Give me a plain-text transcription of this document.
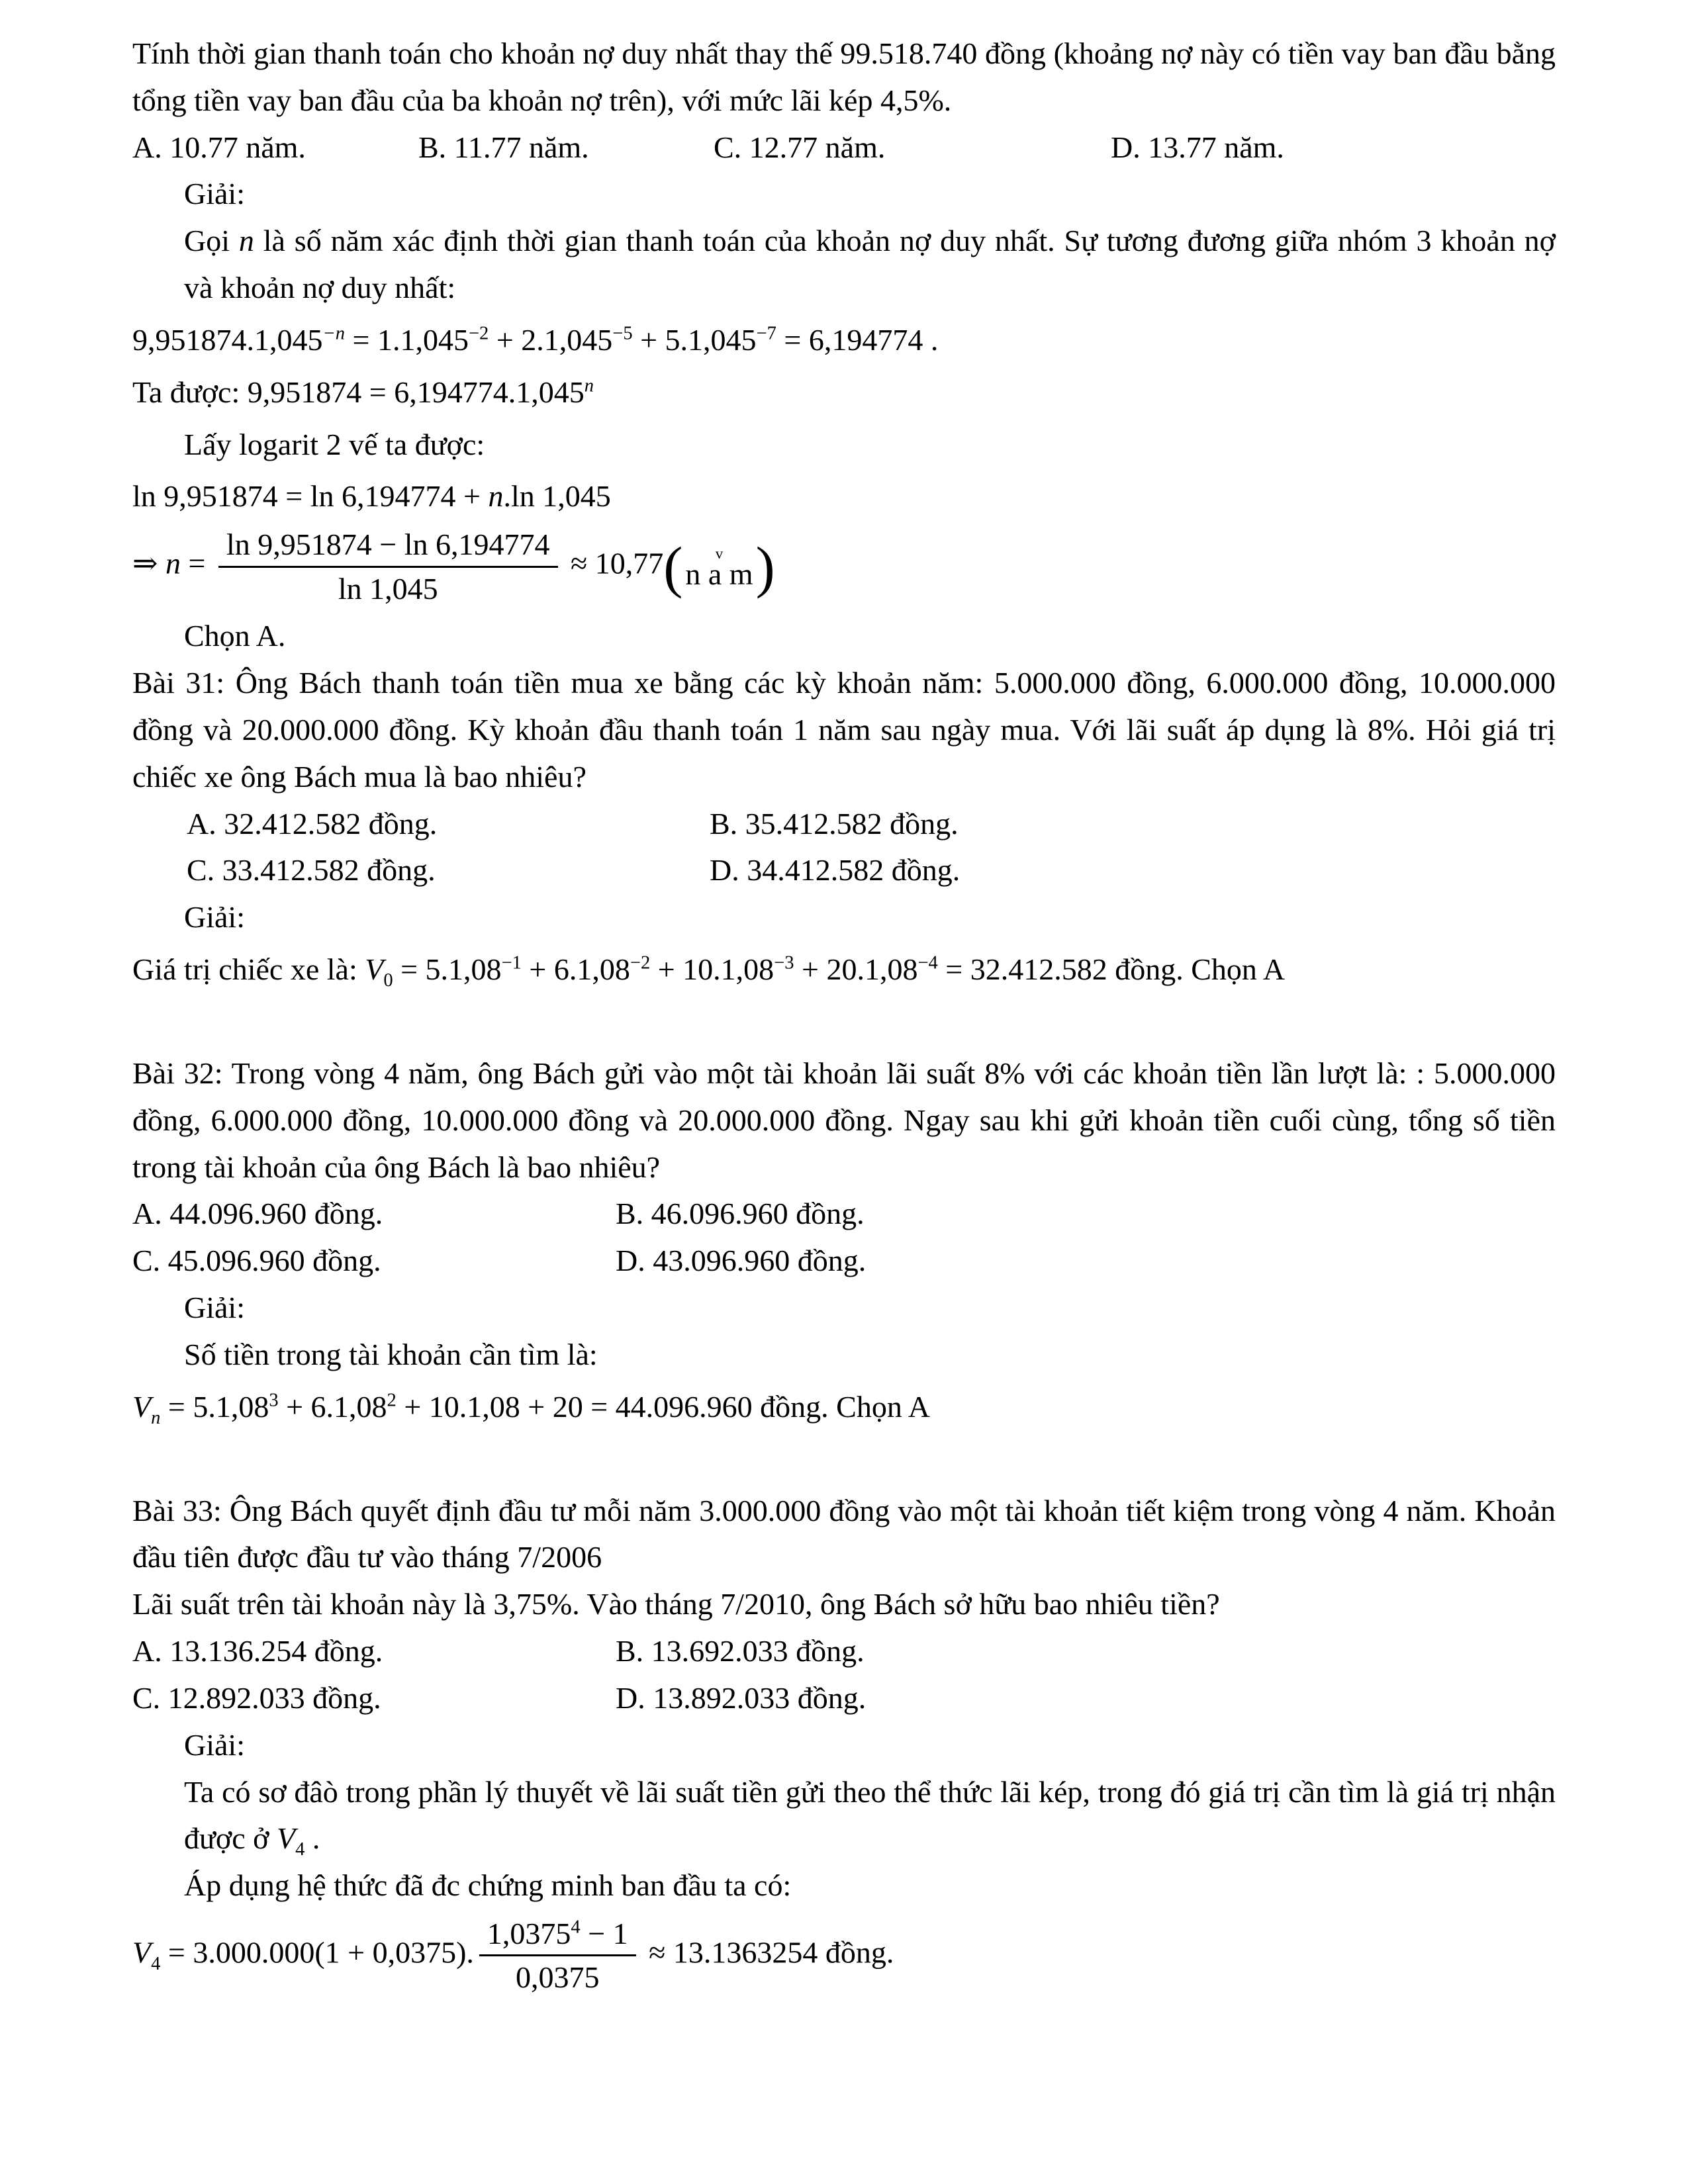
Tính thời gian thanh toán cho khoản nợ duy nhất thay thế 99.518.740 đồng (khoảng nợ này có tiền vay ban đầu bằng tổng tiền vay ban đầu của ba khoản nợ trên), với mức lãi kép 4,5%.

A. 10.77 năm.	B. 11.77 năm.	C. 12.77 năm.	D. 13.77 năm.

Giải:

Gọi n là số năm xác định thời gian thanh toán của khoản nợ duy nhất. Sự tương đương giữa nhóm 3 khoản nợ và khoản nợ duy nhất:

$9,951874.1,045^{-n} = 1.1,045^{-2} + 2.1,045^{-5} + 5.1,045^{-7} = 6,194774$ .

Ta được: $9,951874 = 6,194774.1,045^n$

Lấy logarit 2 vế ta được:

ln 9,951874 = ln 6,194774 + n.ln 1,045

⇒ $n = \frac{\ln 9,951874 - \ln 6,194774}{\ln 1,045} \approx 10,77$ (	v
n a m )

Chọn A.

Bài 31: Ông Bách thanh toán tiền mua xe bằng các kỳ khoản năm: 5.000.000 đồng, 6.000.000 đồng, 10.000.000 đồng và 20.000.000 đồng. Kỳ khoản đầu thanh toán 1 năm sau ngày mua. Với lãi suất áp dụng là 8%. Hỏi giá trị chiếc xe ông Bách mua là bao nhiêu?

A. 32.412.582 đồng.	B. 35.412.582 đồng.
C. 33.412.582 đồng.	D. 34.412.582 đồng.

Giải:

Giá trị chiếc xe là: $V_0 = 5.1,08^{-1} + 6.1,08^{-2} + 10.1,08^{-3} + 20.1,08^{-4} = 32.412.582$ đồng. Chọn A

Bài 32: Trong vòng 4 năm, ông Bách gửi vào một tài khoản lãi suất 8% với các khoản tiền lần lượt là: : 5.000.000 đồng, 6.000.000 đồng, 10.000.000 đồng và 20.000.000 đồng. Ngay sau khi gửi khoản tiền cuối cùng, tổng số tiền trong tài khoản của ông Bách là bao nhiêu?

A. 44.096.960 đồng.	B. 46.096.960 đồng.
C. 45.096.960 đồng.	D. 43.096.960 đồng.

Giải:

Số tiền trong tài khoản cần tìm là:

$V_n = 5.1,08^3 + 6.1,08^2 + 10.1,08 + 20 = 44.096.960$ đồng. Chọn A

Bài 33: Ông Bách quyết định đầu tư mỗi năm 3.000.000 đồng vào một tài khoản tiết kiệm trong vòng 4 năm. Khoản đầu tiên được đầu tư vào tháng 7/2006

Lãi suất trên tài khoản này là 3,75%. Vào tháng 7/2010, ông Bách sở hữu bao nhiêu tiền?

A. 13.136.254 đồng.	B. 13.692.033 đồng.
C. 12.892.033 đồng.	D. 13.892.033 đồng.

Giải:

Ta có sơ đâò trong phần lý thuyết về lãi suất tiền gửi theo thể thức lãi kép, trong đó giá trị cần tìm là giá trị nhận được ở $V_4$ .

Áp dụng hệ thức đã đc chứng minh ban đầu ta có:

$V_4 = 3.000.000(1 + 0,0375)$. $\frac{1,0375^4 - 1}{0,0375} \approx 13.1363254$ đồng.
